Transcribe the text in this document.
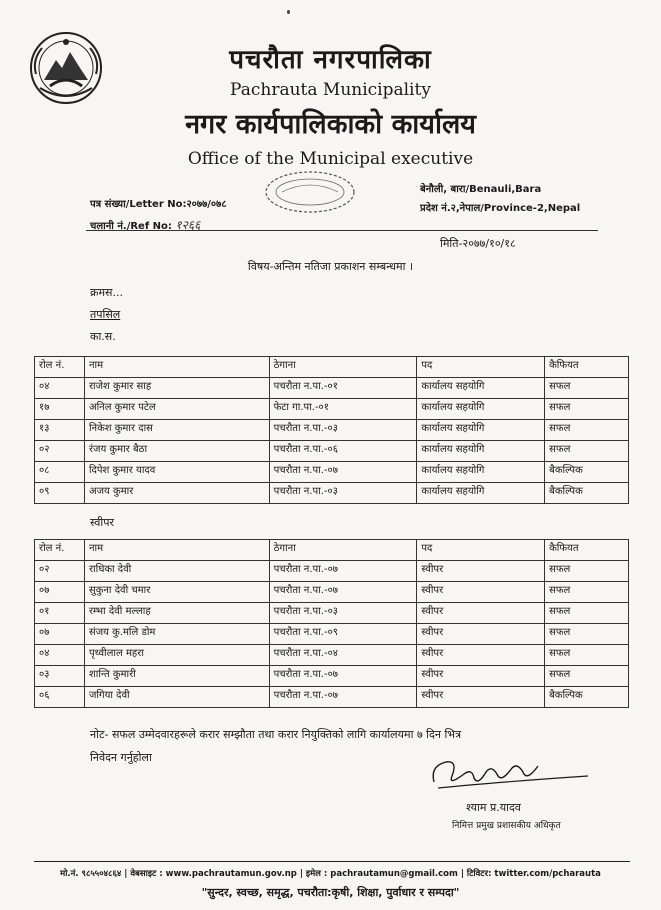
पचरौता नगरपालिका
Pachrauta Municipality
नगर कार्यपालिकाको कार्यालय
Office of the Municipal executive
पत्र संख्या/Letter No:२०७७/०७८
चलानी नं./Ref No: १२६६
बेनौली, बारा/Benauli,Bara
प्रदेश नं.२,नेपाल/Province-2,Nepal
मिति-२०७७/१०/१८
विषय-अन्तिम नतिजा प्रकाशन सम्बन्धमा ।
क्रमस...
तपसिल
का.स.
रोल नं.	नाम	ठेगाना	पद	कैफियत
०४	राजेश कुमार साह	पचरौता न.पा.-०१	कार्यालय सहयोगि	सफल
१७	अनिल कुमार पटेल	फेटा गा.पा.-०१	कार्यालय सहयोगि	सफल
१३	निकेश कुमार दास	पचरौता न.पा.-०३	कार्यालय सहयोगि	सफल
०२	रंजय कुमार बैठा	पचरौता न.पा.-०६	कार्यालय सहयोगि	सफल
०८	दिपेश कुमार यादव	पचरौता न.पा.-०७	कार्यालय सहयोगि	बैकल्पिक
०९	अजय कुमार	पचरौता न.पा.-०३	कार्यालय सहयोगि	बैकल्पिक
स्वीपर
रोल नं.	नाम	ठेगाना	पद	कैफियत
०२	राधिका देवी	पचरौता न.पा.-०७	स्वीपर	सफल
०७	सुकुना देवी चमार	पचरौता न.पा.-०७	स्वीपर	सफल
०१	रम्भा देवी मल्लाह	पचरौता न.पा.-०३	स्वीपर	सफल
०७	संजय कु.मलि डोम	पचरौता न.पा.-०९	स्वीपर	सफल
०४	पृथ्वीलाल महरा	पचरौता न.पा.-०४	स्वीपर	सफल
०३	शान्ति कुमारी	पचरौता न.पा.-०७	स्वीपर	सफल
०६	जगिया देवी	पचरौता न.पा.-०७	स्वीपर	बैकल्पिक
नोट- सफल उम्मेदवारहरूले करार सम्झौता तथा करार नियुक्तिको लागि कार्यालयमा ७ दिन भित्र
निवेदन गर्नुहोला
श्याम प्र.यादव
निमित्त प्रमुख प्रशासकीय अधिकृत
मो.नं. ९८५५०४८६४ | वेबसाइट : www.pachrautamun.gov.np | इमेल : pachrautamun@gmail.com | टिविटर: twitter.com/pcharauta
"सुन्दर, स्वच्छ, समृद्ध, पचरौता:कृषी, शिक्षा, पुर्वाधार र सम्पदा"
